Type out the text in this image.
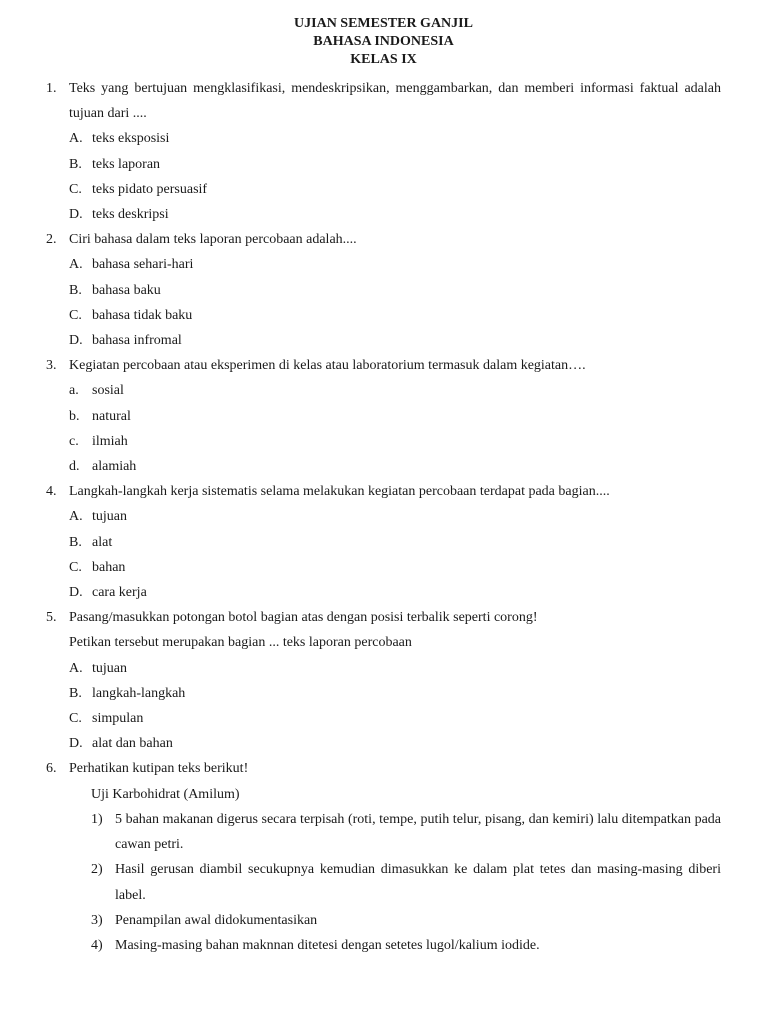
UJIAN SEMESTER GANJIL
BAHASA INDONESIA
KELAS IX
1. Teks yang bertujuan mengklasifikasi, mendeskripsikan, menggambarkan, dan memberi informasi faktual adalah tujuan dari ....
A. teks eksposisi
B. teks laporan
C. teks pidato persuasif
D. teks deskripsi
2. Ciri bahasa dalam teks laporan percobaan adalah....
A. bahasa sehari-hari
B. bahasa baku
C. bahasa tidak baku
D. bahasa infromal
3. Kegiatan percobaan atau eksperimen di kelas atau laboratorium termasuk dalam kegiatan….
a. sosial
b. natural
c. ilmiah
d. alamiah
4. Langkah-langkah kerja sistematis selama melakukan kegiatan percobaan terdapat pada bagian....
A. tujuan
B. alat
C. bahan
D. cara kerja
5. Pasang/masukkan potongan botol bagian atas dengan posisi terbalik seperti corong!
Petikan tersebut merupakan bagian ... teks laporan percobaan
A. tujuan
B. langkah-langkah
C. simpulan
D. alat dan bahan
6. Perhatikan kutipan teks berikut!
Uji Karbohidrat (Amilum)
1) 5 bahan makanan digerus secara terpisah (roti, tempe, putih telur, pisang, dan kemiri) lalu ditempatkan pada cawan petri.
2) Hasil gerusan diambil secukupnya kemudian dimasukkan ke dalam plat tetes dan masing-masing diberi label.
3) Penampilan awal didokumentasikan
4) Masing-masing bahan maknnan ditetesi dengan setetes lugol/kalium iodide.
